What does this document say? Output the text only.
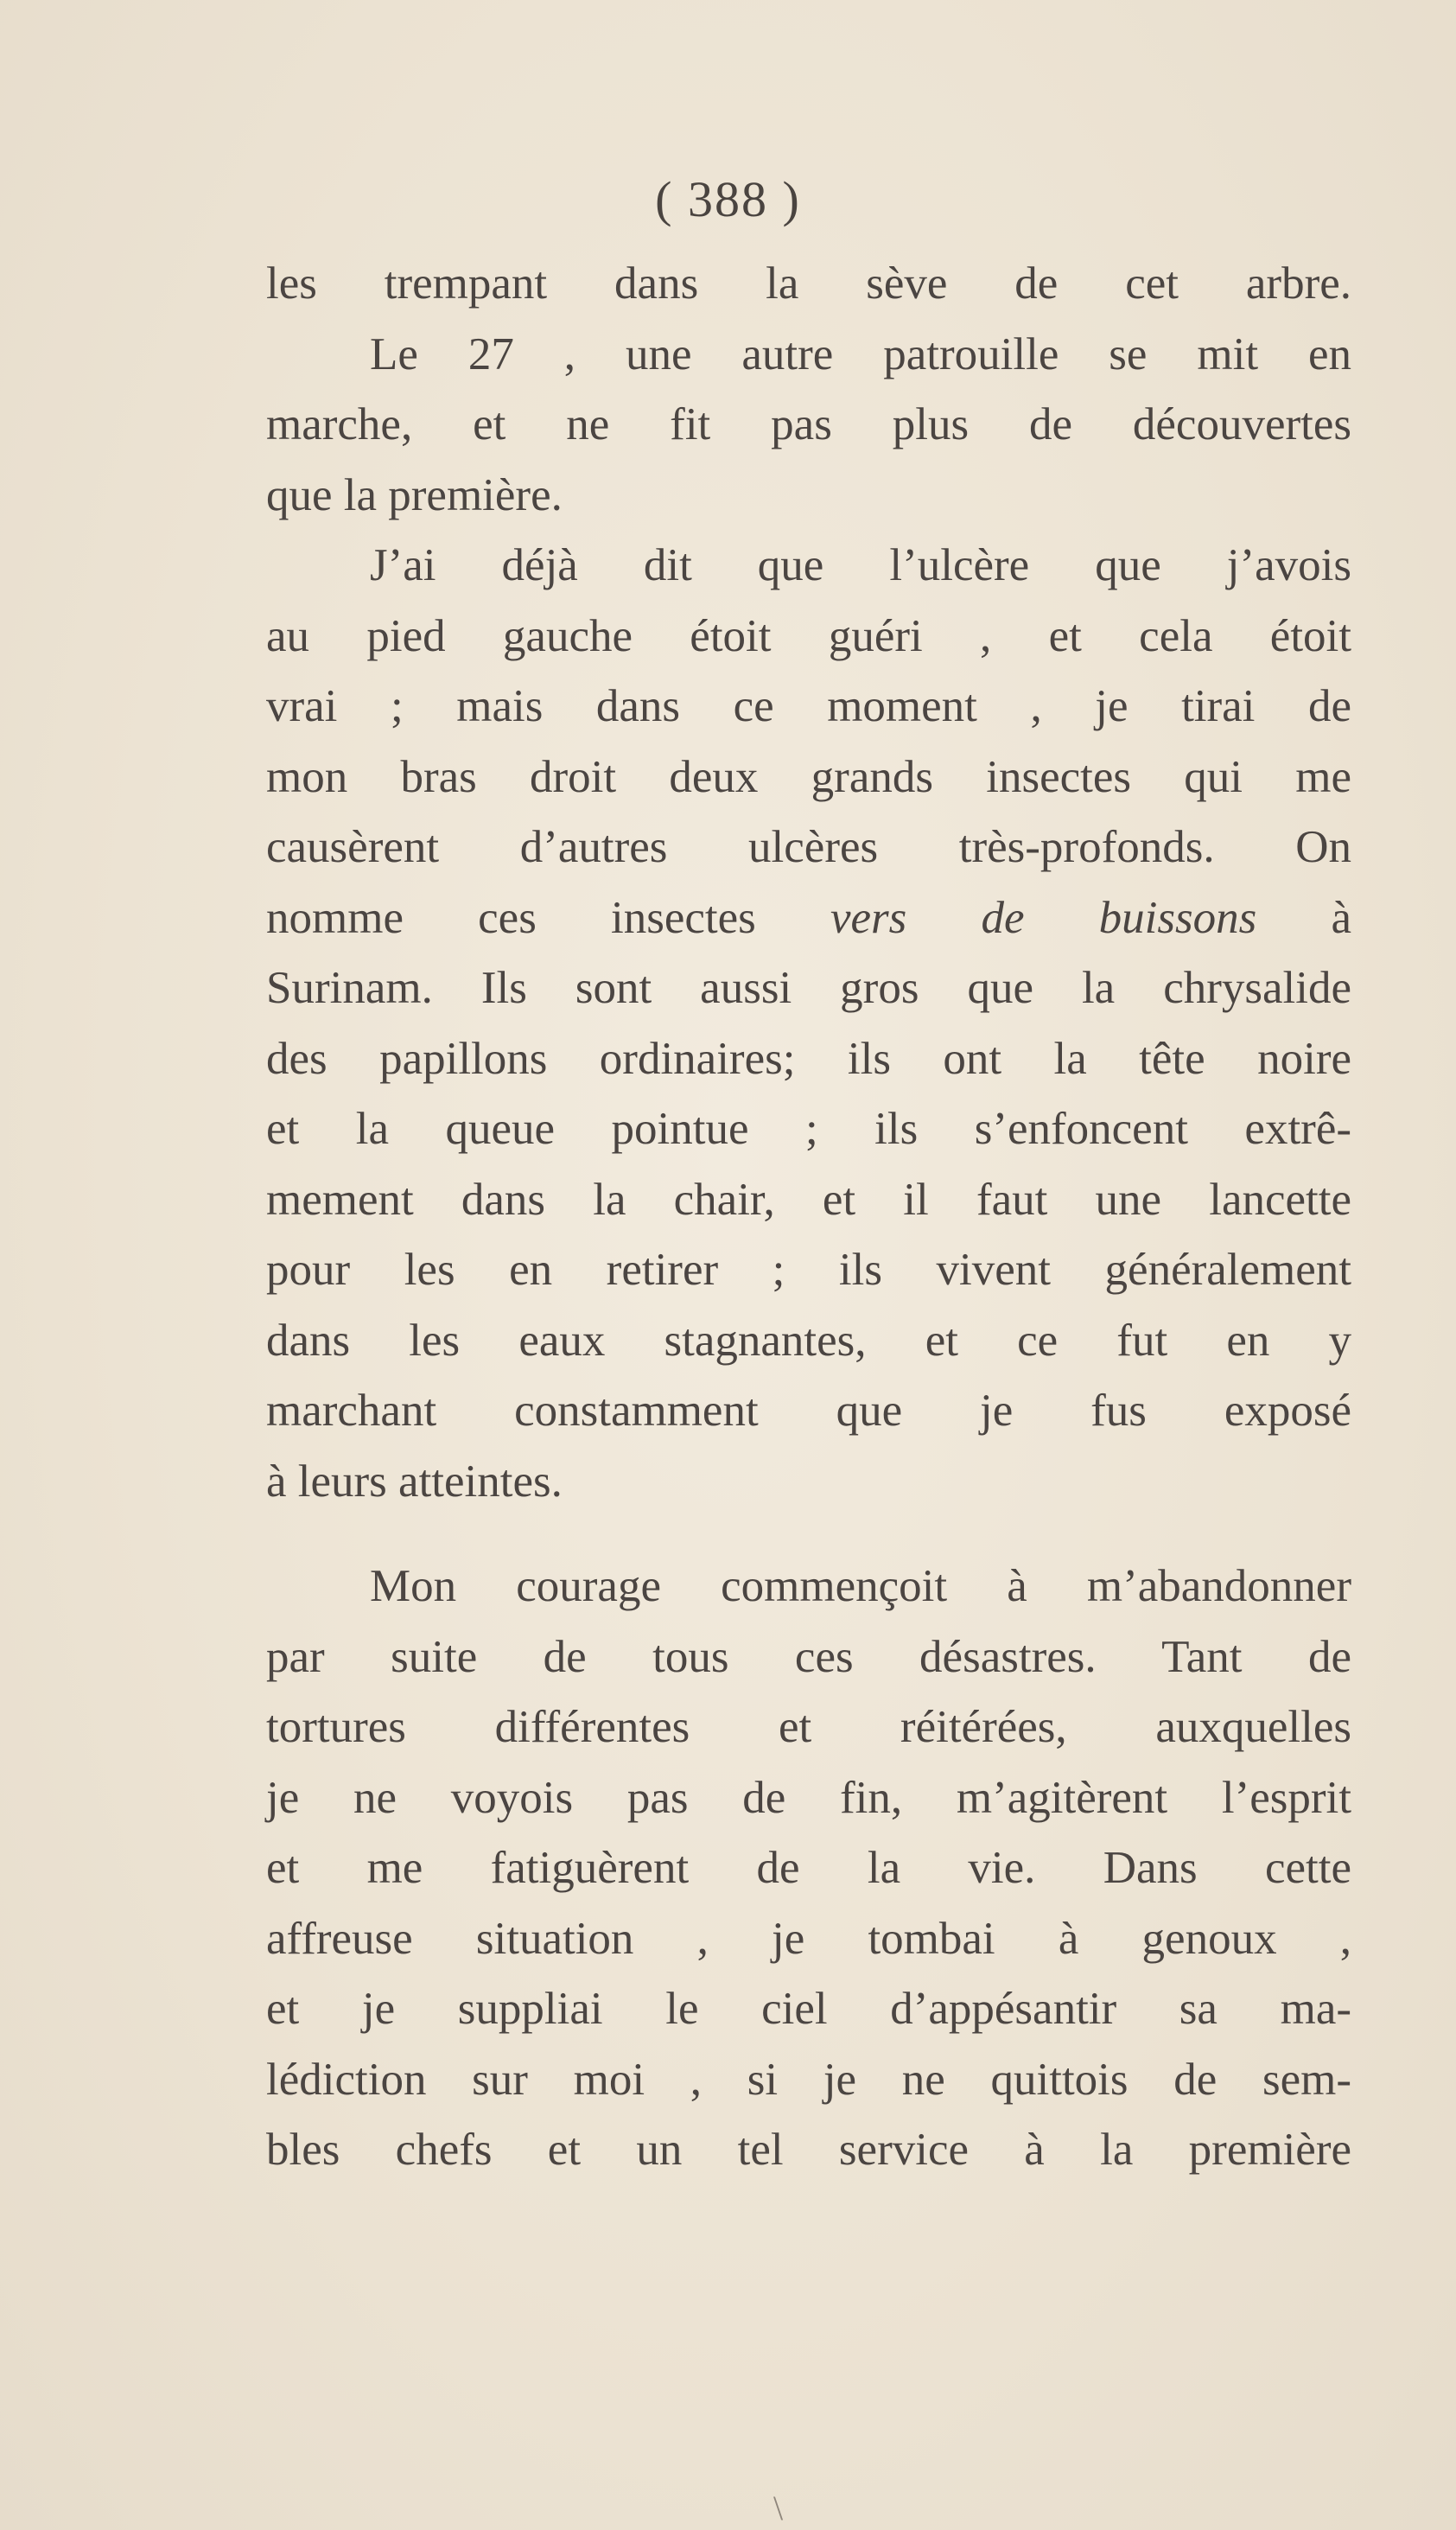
( 388 )
les trempant dans la sève de cet arbre.
Le 27 , une autre patrouille se mit en
marche, et ne fit pas plus de découvertes
que la première.
J’ai déjà dit que l’ulcère que j’avois
au pied gauche étoit guéri , et cela étoit
vrai ; mais dans ce moment , je tirai de
mon bras droit deux grands insectes qui me
causèrent d’autres ulcères très-profonds. On
nomme ces insectes vers de buissons à
Surinam. Ils sont aussi gros que la chrysalide
des papillons ordinaires; ils ont la tête noire
et la queue pointue ; ils s’enfoncent extrê-
mement dans la chair, et il faut une lancette
pour les en retirer ; ils vivent généralement
dans les eaux stagnantes, et ce fut en y
marchant constamment que je fus exposé
à leurs atteintes.
Mon courage commençoit à m’abandonner
par suite de tous ces désastres. Tant de
tortures différentes et réitérées, auxquelles
je ne voyois pas de fin, m’agitèrent l’esprit
et me fatiguèrent de la vie. Dans cette
affreuse situation , je tombai à genoux ,
et je suppliai le ciel d’appésantir sa ma-
lédiction sur moi , si je ne quittois de sem-
bles chefs et un tel service à la première
\
